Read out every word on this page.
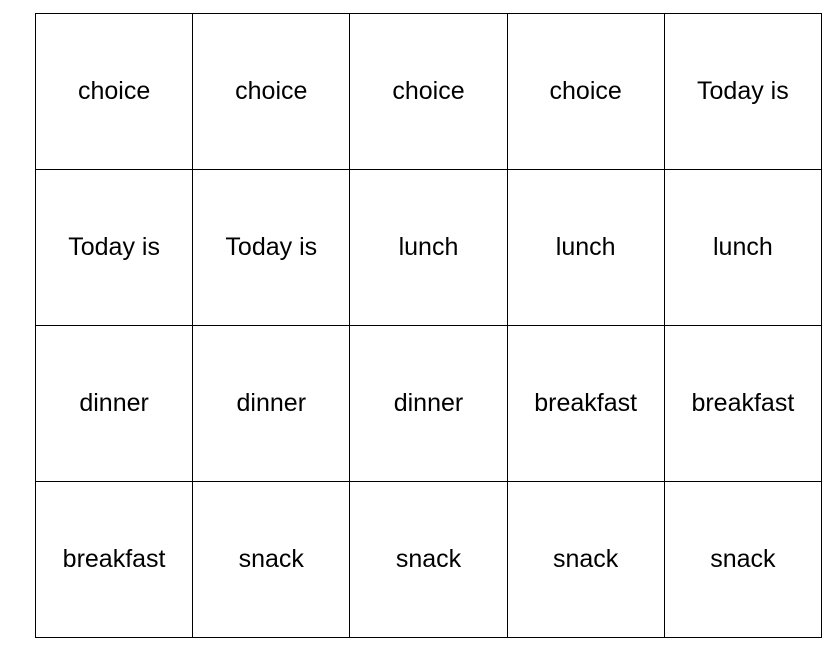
choice	choice	choice	choice	Today is
Today is	Today is	lunch	lunch	lunch
dinner	dinner	dinner	breakfast	breakfast
breakfast	snack	snack	snack	snack
